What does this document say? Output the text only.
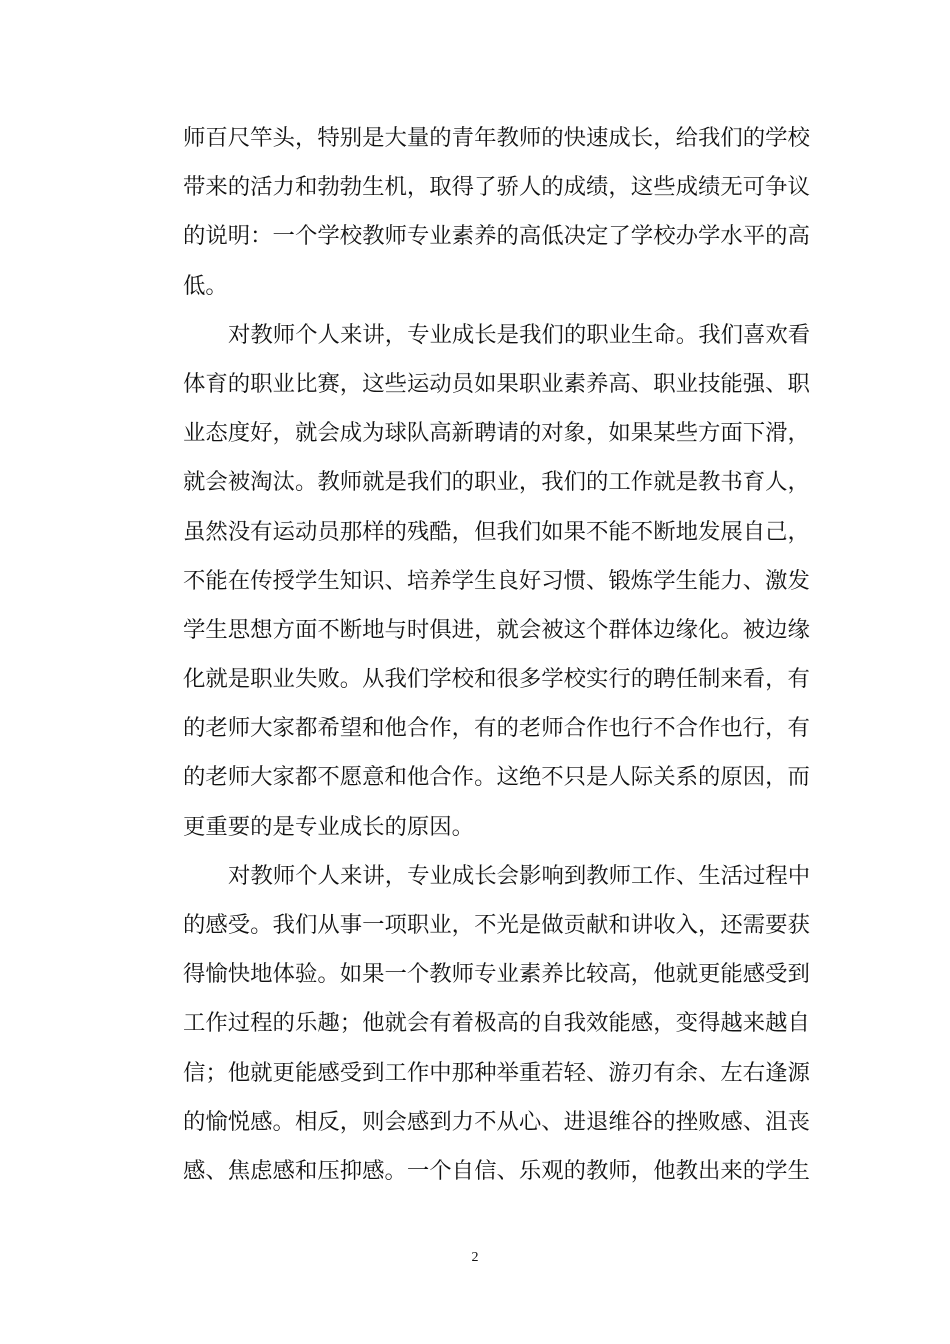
师百尺竿头，特别是大量的青年教师的快速成长，给我们的学校
带来的活力和勃勃生机，取得了骄人的成绩，这些成绩无可争议
的说明：一个学校教师专业素养的高低决定了学校办学水平的高
低。
对教师个人来讲，专业成长是我们的职业生命。我们喜欢看
体育的职业比赛，这些运动员如果职业素养高、职业技能强、职
业态度好，就会成为球队高新聘请的对象，如果某些方面下滑，
就会被淘汰。教师就是我们的职业，我们的工作就是教书育人，
虽然没有运动员那样的残酷，但我们如果不能不断地发展自己，
不能在传授学生知识、培养学生良好习惯、锻炼学生能力、激发
学生思想方面不断地与时俱进，就会被这个群体边缘化。被边缘
化就是职业失败。从我们学校和很多学校实行的聘任制来看，有
的老师大家都希望和他合作，有的老师合作也行不合作也行，有
的老师大家都不愿意和他合作。这绝不只是人际关系的原因，而
更重要的是专业成长的原因。
对教师个人来讲，专业成长会影响到教师工作、生活过程中
的感受。我们从事一项职业，不光是做贡献和讲收入，还需要获
得愉快地体验。如果一个教师专业素养比较高，他就更能感受到
工作过程的乐趣；他就会有着极高的自我效能感，变得越来越自
信；他就更能感受到工作中那种举重若轻、游刃有余、左右逢源
的愉悦感。相反，则会感到力不从心、进退维谷的挫败感、沮丧
感、焦虑感和压抑感。一个自信、乐观的教师，他教出来的学生
2
